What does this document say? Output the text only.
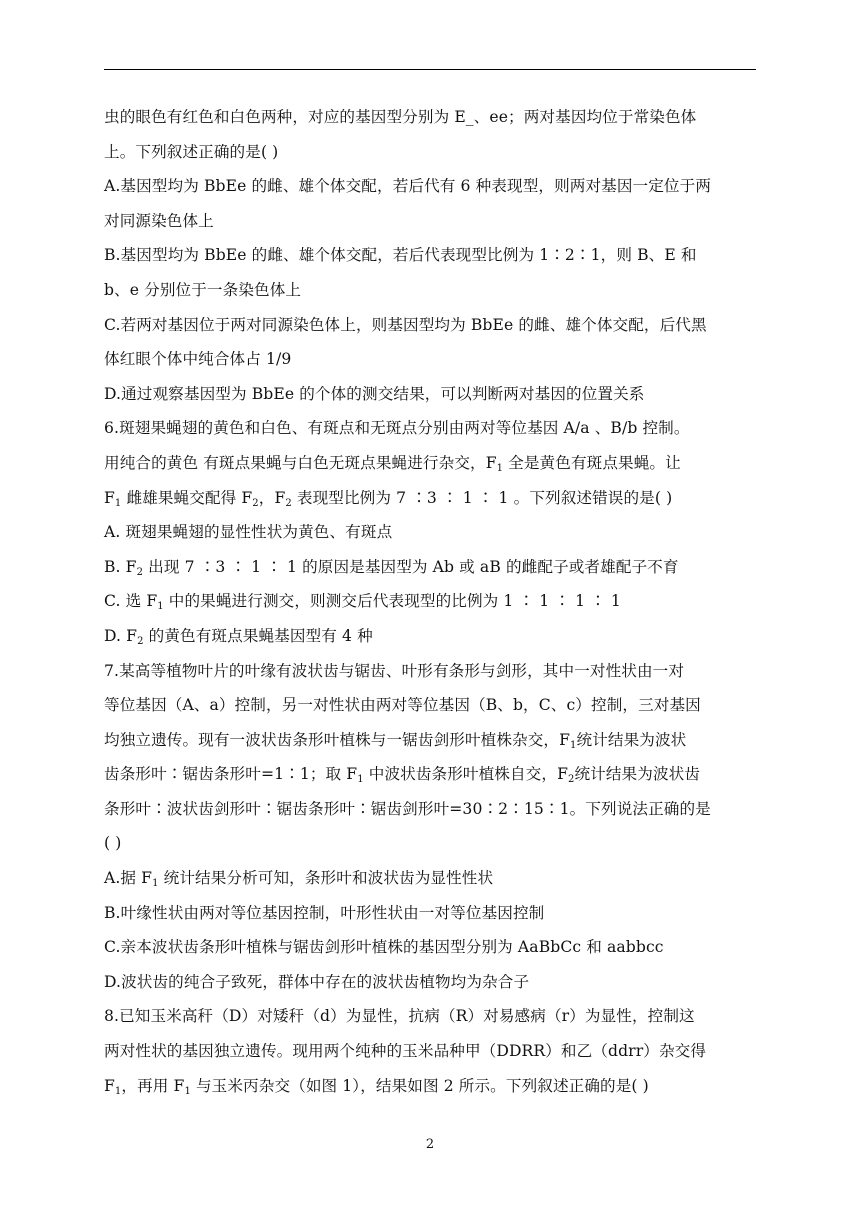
虫的眼色有红色和白色两种，对应的基因型分别为 E_、ee；两对基因均位于常染色体
上。下列叙述正确的是( )
A.基因型均为 BbEe 的雌、雄个体交配，若后代有 6 种表现型，则两对基因一定位于两
对同源染色体上
B.基因型均为 BbEe 的雌、雄个体交配，若后代表现型比例为 1∶2∶1，则 B、E 和
b、e 分别位于一条染色体上
C.若两对基因位于两对同源染色体上，则基因型均为 BbEe 的雌、雄个体交配，后代黑
体红眼个体中纯合体占 1/9
D.通过观察基因型为 BbEe 的个体的测交结果，可以判断两对基因的位置关系
6.斑翅果蝇翅的黄色和白色、有斑点和无斑点分别由两对等位基因 A/a 、B/b 控制。
用纯合的黄色 有斑点果蝇与白色无斑点果蝇进行杂交，$F_1$ 全是黄色有斑点果蝇。让
$F_1$ 雌雄果蝇交配得 $F_2$，$F_2$ 表现型比例为 7 ∶3 ∶ 1 ∶ 1 。下列叙述错误的是( )
A. 斑翅果蝇翅的显性性状为黄色、有斑点
B. $F_2$ 出现 7 ∶3 ∶ 1 ∶ 1 的原因是基因型为 Ab 或 aB 的雌配子或者雄配子不育
C. 选 $F_1$ 中的果蝇进行测交，则测交后代表现型的比例为 1 ∶ 1 ∶ 1 ∶ 1
D. $F_2$ 的黄色有斑点果蝇基因型有 4 种
7.某高等植物叶片的叶缘有波状齿与锯齿、叶形有条形与剑形，其中一对性状由一对
等位基因（A、a）控制，另一对性状由两对等位基因（B、b，C、c）控制，三对基因
均独立遗传。现有一波状齿条形叶植株与一锯齿剑形叶植株杂交，$F_1$统计结果为波状
齿条形叶∶锯齿条形叶=1∶1；取 $F_1$ 中波状齿条形叶植株自交，$F_2$统计结果为波状齿
条形叶∶波状齿剑形叶∶锯齿条形叶∶锯齿剑形叶=30∶2∶15∶1。下列说法正确的是
( )
A.据 $F_1$ 统计结果分析可知，条形叶和波状齿为显性性状
B.叶缘性状由两对等位基因控制，叶形性状由一对等位基因控制
C.亲本波状齿条形叶植株与锯齿剑形叶植株的基因型分别为 AaBbCc 和 aabbcc
D.波状齿的纯合子致死，群体中存在的波状齿植物均为杂合子
8.已知玉米高秆（D）对矮秆（d）为显性，抗病（R）对易感病（r）为显性，控制这
两对性状的基因独立遗传。现用两个纯种的玉米品种甲（DDRR）和乙（ddrr）杂交得
$F_1$，再用 $F_1$ 与玉米丙杂交（如图 1），结果如图 2 所示。下列叙述正确的是( )
2
